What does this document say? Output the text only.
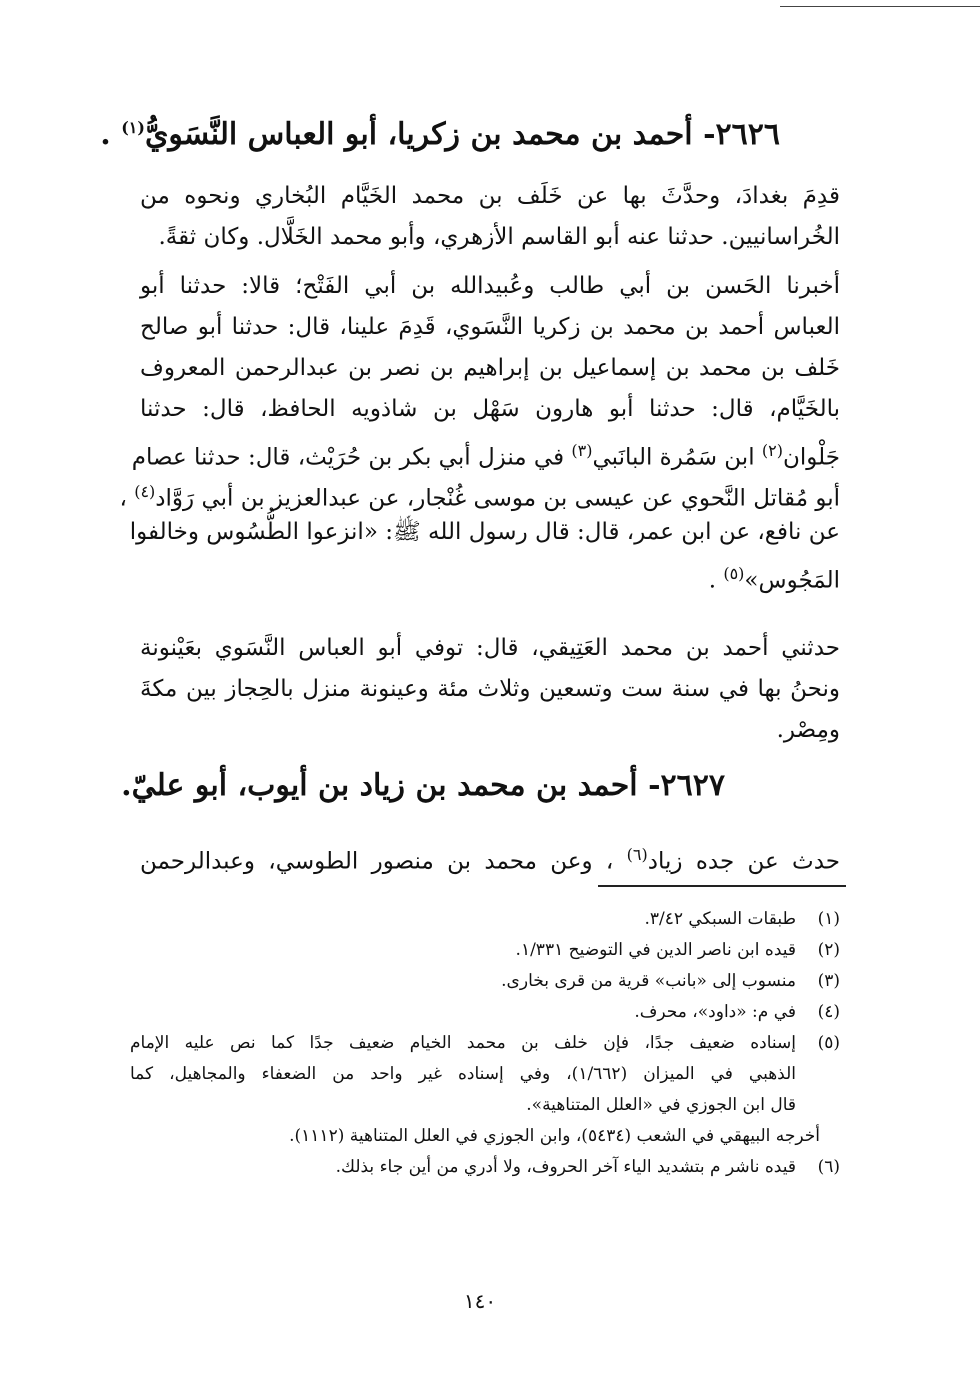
٢٦٢٦- أحمد بن محمد بن زكريا، أبو العباس النَّسَويُّ$^{(١)}$ .
قدِمَ بغدادَ، وحدَّثَ بها عن خَلَف بن محمد الخَيَّام البُخاري ونحوه من
الخُراسانيين. حدثنا عنه أبو القاسم الأزهري، وأبو محمد الخَلَّال. وكان ثقةً.
أخبرنا الحَسن بن أبي طالب وعُبيدالله بن أبي الفَتْح؛ قالا: حدثنا أبو
العباس أحمد بن محمد بن زكريا النَّسَوي، قَدِمَ علينا، قال: حدثنا أبو صالح
خَلف بن محمد بن إسماعيل بن إبراهيم بن نصر بن عبدالرحمن المعروف
بالخَيَّام، قال: حدثنا أبو هارون سَهْل بن شاذويه الحافظ، قال: حدثنا
جَلْوان$^{(٢)}$ ابن سَمُرة البانَبي$^{(٣)}$ في منزل أبي بكر بن حُرَيْث، قال: حدثنا عصام
أبو مُقاتل النَّحوي عن عيسى بن موسى غُنْجار، عن عبدالعزيز بن أبي رَوَّاد$^{(٤)}$ ،
عن نافع، عن ابن عمر، قال: قال رسول الله ﷺ: «انزعوا الطُّسُوس وخالفوا
المَجُوس»$^{(٥)}$ .
حدثني أحمد بن محمد العَتِيقي، قال: توفي أبو العباس النَّسَوي بعَيْنونة
ونحنُ بها في سنة ست وتسعين وثلاث مئة وعينونة منزل بالحِجاز بين مكةَ
ومِصْر.
٢٦٢٧- أحمد بن محمد بن زياد بن أيوب، أبو عليّ.
حدث عن جده زياد$^{(٦)}$ ، وعن محمد بن منصور الطوسي، وعبدالرحمن
(١)
طبقات السبكي ٣/٤٢.
(٢)
قيده ابن ناصر الدين في التوضيح ١/٣٣١.
(٣)
منسوب إلى «بانب» قرية من قرى بخارى.
(٤)
في م: «داود»، محرف.
(٥)
إسناده ضعيف جدًا، فإن خلف بن محمد الخيام ضعيف جدًا كما نص عليه الإمام
الذهبي في الميزان (١/٦٦٢)، وفي إسناده غير واحد من الضعفاء والمجاهيل، كما
قال ابن الجوزي في «العلل المتناهية».
أخرجه البيهقي في الشعب (٥٤٣٤)، وابن الجوزي في العلل المتناهية (١١١٢).
(٦)
قيده ناشر م بتشديد الياء آخر الحروف، ولا أدري من أين جاء بذلك.
١٤٠
